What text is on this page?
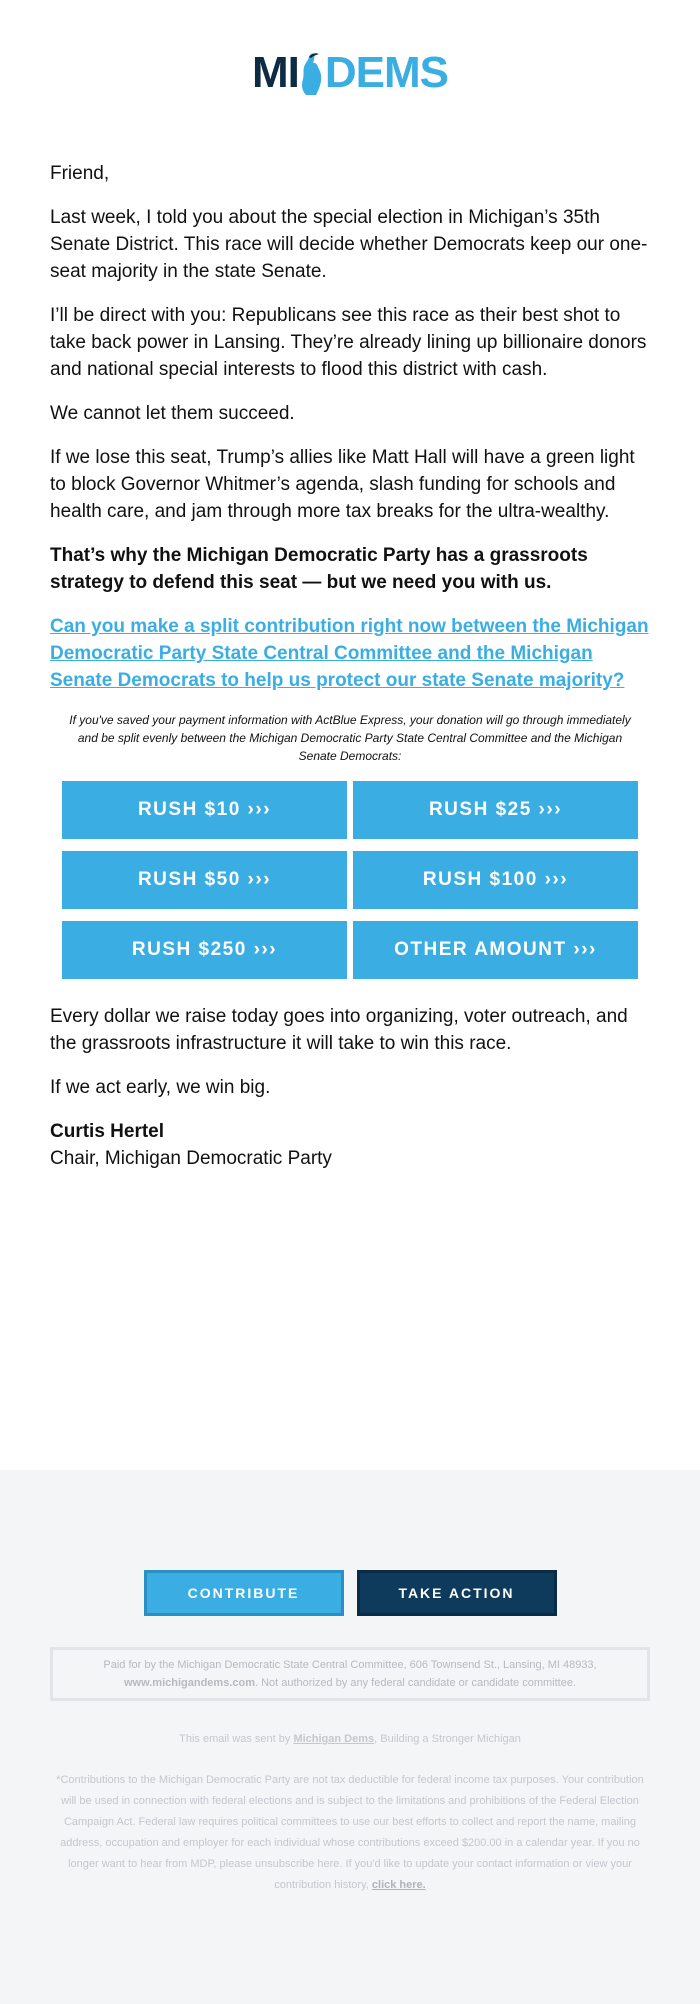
MI DEMS

Friend,

Last week, I told you about the special election in Michigan’s 35th Senate District. This race will decide whether Democrats keep our one-seat majority in the state Senate.

I’ll be direct with you: Republicans see this race as their best shot to take back power in Lansing. They’re already lining up billionaire donors and national special interests to flood this district with cash.

We cannot let them succeed.

If we lose this seat, Trump’s allies like Matt Hall will have a green light to block Governor Whitmer’s agenda, slash funding for schools and health care, and jam through more tax breaks for the ultra-wealthy.

That’s why the Michigan Democratic Party has a grassroots strategy to defend this seat — but we need you with us.

Can you make a split contribution right now between the Michigan Democratic Party State Central Committee and the Michigan Senate Democrats to help us protect our state Senate majority?

If you've saved your payment information with ActBlue Express, your donation will go through immediately and be split evenly between the Michigan Democratic Party State Central Committee and the Michigan Senate Democrats:

RUSH $10 ›››	RUSH $25 ›››
RUSH $50 ›››	RUSH $100 ›››
RUSH $250 ›››	OTHER AMOUNT ›››

Every dollar we raise today goes into organizing, voter outreach, and the grassroots infrastructure it will take to win this race.

If we act early, we win big.

Curtis Hertel

Chair, Michigan Democratic Party

CONTRIBUTE	TAKE ACTION
Paid for by the Michigan Democratic State Central Committee, 606 Townsend St., Lansing, MI 48933,
www.michigandems.com. Not authorized by any federal candidate or candidate committee.
This email was sent by Michigan Dems, Building a Stronger Michigan
*Contributions to the Michigan Democratic Party are not tax deductible for federal income tax purposes. Your contribution will be used in connection with federal elections and is subject to the limitations and prohibitions of the Federal Election Campaign Act. Federal law requires political committees to use our best efforts to collect and report the name, mailing address, occupation and employer for each individual whose contributions exceed $200.00 in a calendar year. If you no longer want to hear from MDP, please unsubscribe here. If you'd like to update your contact information or view your contribution history, click here.
